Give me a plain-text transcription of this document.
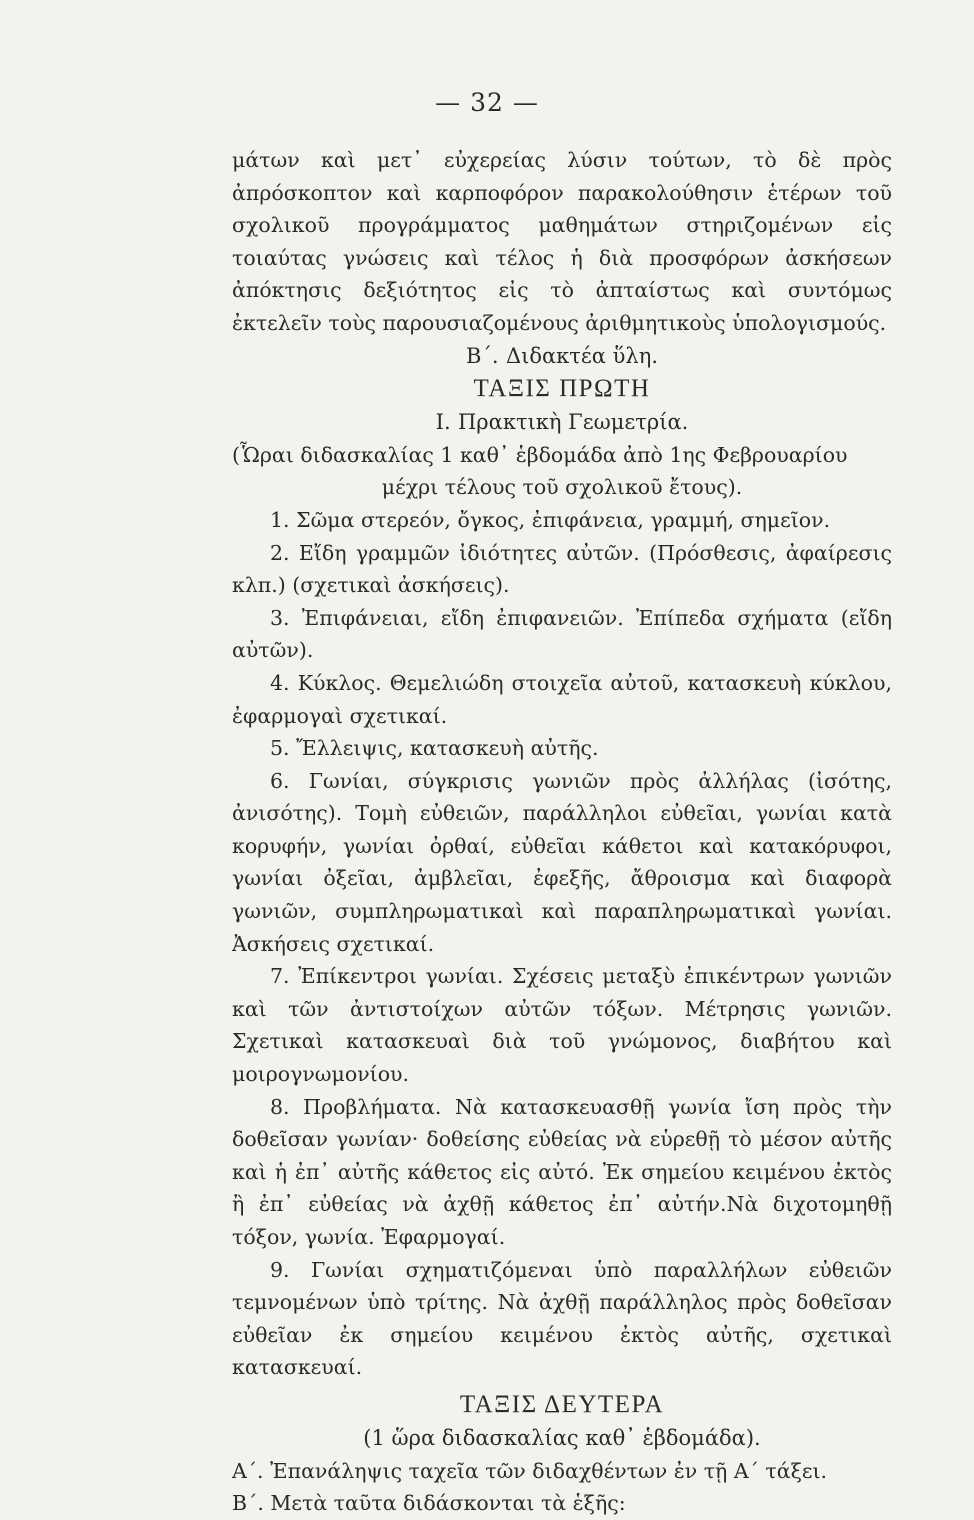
— 32 —

μάτων καὶ μετ᾽ εὐχερείας λύσιν τούτων, τὸ δὲ πρὸς ἀπρόσκοπτον καὶ καρποφόρον παρακολούθησιν ἑτέρων τοῦ σχολικοῦ προγράμματος μαθημάτων στηριζομένων εἰς τοιαύτας γνώσεις καὶ τέλος ἡ διὰ προσφόρων ἀσκήσεων ἀπόκτησις δεξιότητος εἰς τὸ ἀπταίστως καὶ συντόμως ἐκτελεῖν τοὺς παρουσιαζομένους ἀριθμητικοὺς ὑπολογισμούς.

Β΄. Διδακτέα ὕλη.

ΤΑΞΙΣ ΠΡΩΤΗ

Ι. Πρακτικὴ Γεωμετρία.

(Ὧραι διδασκαλίας 1 καθ᾽ ἑβδομάδα ἀπὸ 1ης Φεβρουαρίου

μέχρι τέλους τοῦ σχολικοῦ ἔτους).

1. Σῶμα στερεόν, ὄγκος, ἐπιφάνεια, γραμμή, σημεῖον.

2. Εἴδη γραμμῶν ἰδιότητες αὐτῶν. (Πρόσθεσις, ἀφαίρεσις κλπ.) (σχετικαὶ ἀσκήσεις).

3. Ἐπιφάνειαι, εἴδη ἐπιφανειῶν. Ἐπίπεδα σχήματα (εἴδη αὐτῶν).

4. Κύκλος. Θεμελιώδη στοιχεῖα αὐτοῦ, κατασκευὴ κύκλου, ἐφαρμογαὶ σχετικαί.

5. Ἔλλειψις, κατασκευὴ αὐτῆς.

6. Γωνίαι, σύγκρισις γωνιῶν πρὸς ἀλλήλας (ἰσότης, ἀνισότης). Τομὴ εὐθειῶν, παράλληλοι εὐθεῖαι, γωνίαι κατὰ κορυφήν, γωνίαι ὀρθαί, εὐθεῖαι κάθετοι καὶ κατακόρυφοι, γωνίαι ὀξεῖαι, ἀμβλεῖαι, ἐφεξῆς, ἄθροισμα καὶ διαφορὰ γωνιῶν, συμπληρωματικαὶ καὶ παραπληρωματικαὶ γωνίαι. Ἀσκήσεις σχετικαί.

7. Ἐπίκεντροι γωνίαι. Σχέσεις μεταξὺ ἐπικέντρων γωνιῶν καὶ τῶν ἀντιστοίχων αὐτῶν τόξων. Μέτρησις γωνιῶν. Σχετικαὶ κατασκευαὶ διὰ τοῦ γνώμονος, διαβήτου καὶ μοιρογνωμονίου.

8. Προβλήματα. Νὰ κατασκευασθῇ γωνία ἴση πρὸς τὴν δοθεῖσαν γωνίαν· δοθείσης εὐθείας νὰ εὑρεθῇ τὸ μέσον αὐτῆς καὶ ἡ ἐπ᾽ αὐτῆς κάθετος εἰς αὐτό. Ἐκ σημείου κειμένου ἐκτὸς ἢ ἐπ᾽ εὐθείας νὰ ἀχθῇ κάθετος ἐπ᾽ αὐτήν.Νὰ διχοτομηθῇ τόξον, γωνία. Ἐφαρμογαί.

9. Γωνίαι σχηματιζόμεναι ὑπὸ παραλλήλων εὐθειῶν τεμνομένων ὑπὸ τρίτης. Νὰ ἀχθῇ παράλληλος πρὸς δοθεῖσαν εὐθεῖαν ἐκ σημείου κειμένου ἐκτὸς αὐτῆς, σχετικαὶ κατασκευαί.

ΤΑΞΙΣ ΔΕΥΤΕΡΑ

(1 ὥρα διδασκαλίας καθ᾽ ἑβδομάδα).

Α΄. Ἐπανάληψις ταχεῖα τῶν διδαχθέντων ἐν τῇ Α΄ τάξει.

Β΄. Μετὰ ταῦτα διδάσκονται τὰ ἑξῆς:
